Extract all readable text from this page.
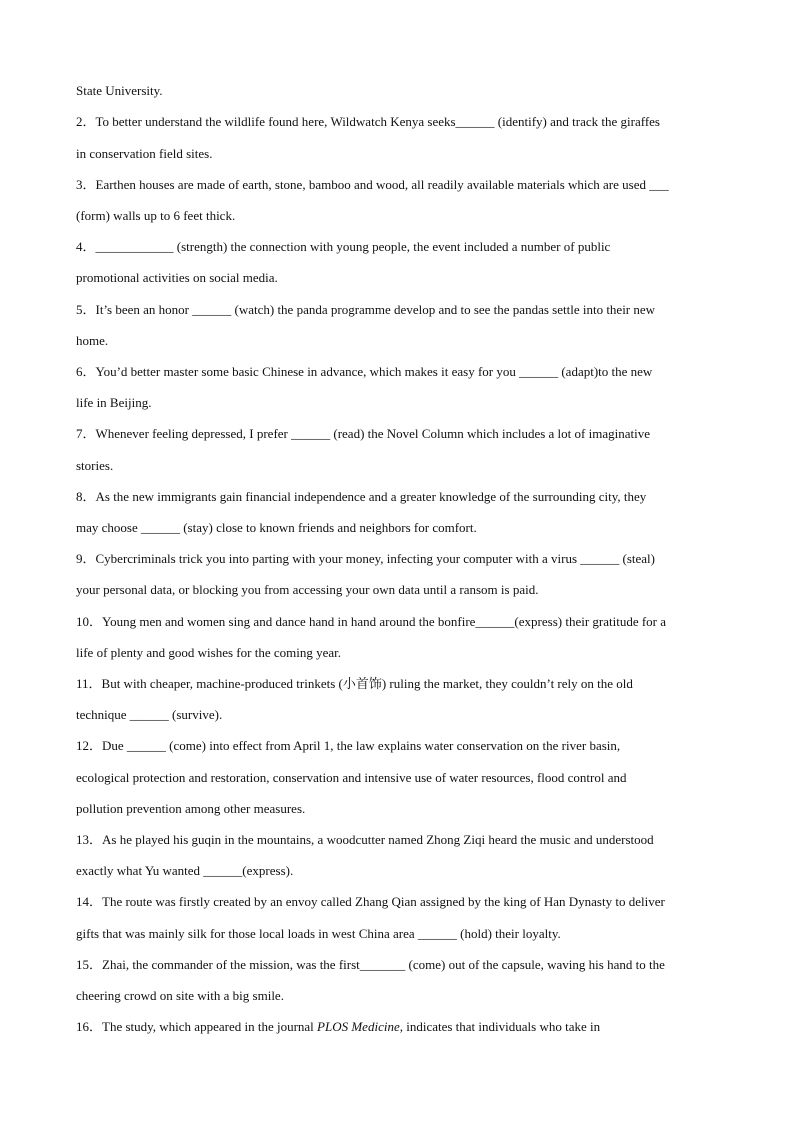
State University.
2．To better understand the wildlife found here, Wildwatch Kenya seeks______ (identify) and track the giraffes
in conservation field sites.
3．Earthen houses are made of earth, stone, bamboo and wood, all readily available materials which are used ___
(form) walls up to 6 feet thick.
4．____________ (strength) the connection with young people, the event included a number of public
promotional activities on social media.
5．It’s been an honor ______ (watch) the panda programme develop and to see the pandas settle into their new
home.
6．You’d better master some basic Chinese in advance, which makes it easy for you ______ (adapt)to the new
life in Beijing.
7．Whenever feeling depressed, I prefer ______ (read) the Novel Column which includes a lot of imaginative
stories.
8．As the new immigrants gain financial independence and a greater knowledge of the surrounding city, they
may choose ______ (stay) close to known friends and neighbors for comfort.
9．Cybercriminals trick you into parting with your money, infecting your computer with a virus ______ (steal)
your personal data, or blocking you from accessing your own data until a ransom is paid.
10．Young men and women sing and dance hand in hand around the bonfire______(express) their gratitude for a
life of plenty and good wishes for the coming year.
11．But with cheaper, machine-produced trinkets (小首饰) ruling the market, they couldn’t rely on the old
technique ______ (survive).
12．Due ______ (come) into effect from April 1, the law explains water conservation on the river basin,
ecological protection and restoration, conservation and intensive use of water resources, flood control and
pollution prevention among other measures.
13．As he played his guqin in the mountains, a woodcutter named Zhong Ziqi heard the music and understood
exactly what Yu wanted ______(express).
14．The route was firstly created by an envoy called Zhang Qian assigned by the king of Han Dynasty to deliver
gifts that was mainly silk for those local loads in west China area ______ (hold) their loyalty.
15．Zhai, the commander of the mission, was the first_______ (come) out of the capsule, waving his hand to the
cheering crowd on site with a big smile.
16．The study, which appeared in the journal PLOS Medicine, indicates that individuals who take in
